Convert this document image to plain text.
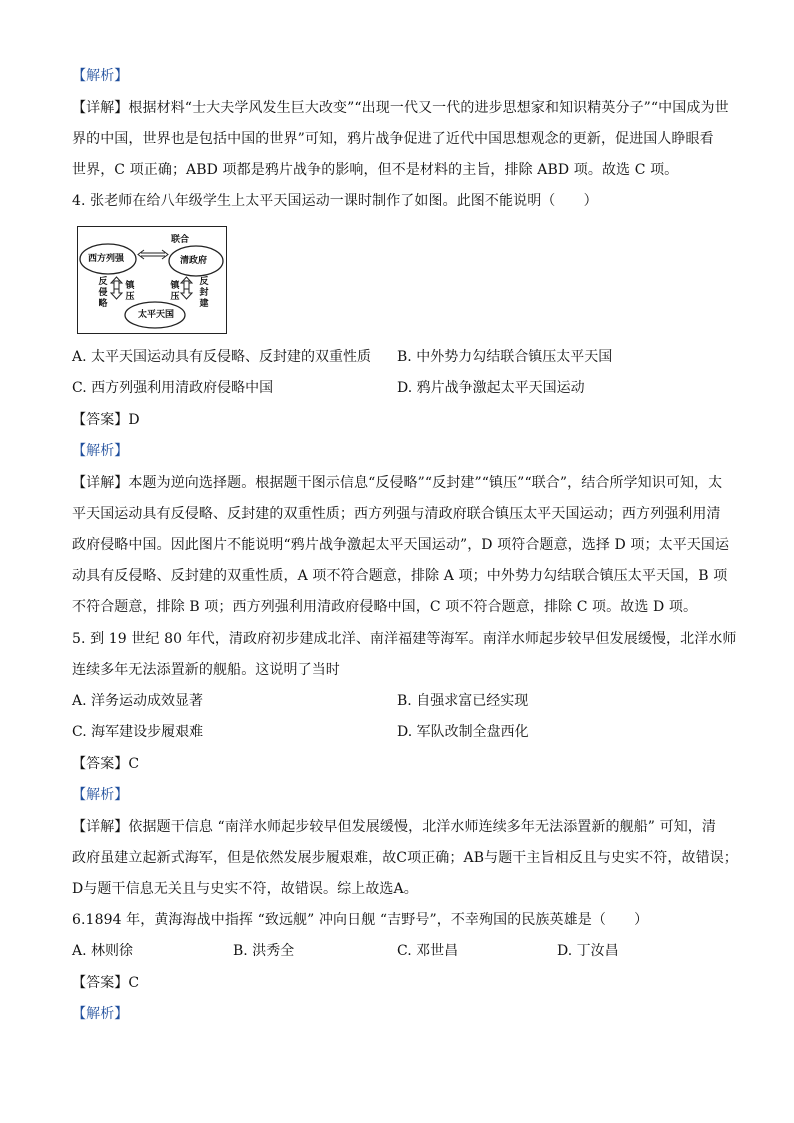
【解析】
【详解】根据材料“士大夫学风发生巨大改变”“出现一代又一代的进步思想家和知识精英分子”“中国成为世
界的中国，世界也是包括中国的世界”可知，鸦片战争促进了近代中国思想观念的更新，促进国人睁眼看
世界，C 项正确；ABD 项都是鸦片战争的影响，但不是材料的主旨，排除 ABD 项。故选 C 项。
4. 张老师在给八年级学生上太平天国运动一课时制作了如图。此图不能说明（　　）
联合
西方列强	清政府
反侵略
镇压
镇压
反封建
太平天国
A. 太平天国运动具有反侵略、反封建的双重性质 B. 中外势力勾结联合镇压太平天国
C. 西方列强利用清政府侵略中国	D. 鸦片战争激起太平天国运动
【答案】D
【解析】
【详解】本题为逆向选择题。根据题干图示信息“反侵略”“反封建”“镇压”“联合”，结合所学知识可知，太
平天国运动具有反侵略、反封建的双重性质；西方列强与清政府联合镇压太平天国运动；西方列强利用清
政府侵略中国。因此图片不能说明“鸦片战争激起太平天国运动”，D 项符合题意，选择 D 项；太平天国运
动具有反侵略、反封建的双重性质，A 项不符合题意，排除 A 项；中外势力勾结联合镇压太平天国，B 项
不符合题意，排除 B 项；西方列强利用清政府侵略中国，C 项不符合题意，排除 C 项。故选 D 项。
5. 到 19 世纪 80 年代，清政府初步建成北洋、南洋福建等海军。南洋水师起步较早但发展缓慢，北洋水师
连续多年无法添置新的舰船。这说明了当时
A. 洋务运动成效显著	B. 自强求富已经实现
C. 海军建设步履艰难	D. 军队改制全盘西化
【答案】C
【解析】
【详解】依据题干信息 “南洋水师起步较早但发展缓慢，北洋水师连续多年无法添置新的舰船” 可知，清
政府虽建立起新式海军，但是依然发展步履艰难，故C项正确；AB与题干主旨相反且与史实不符，故错误；
D与题干信息无关且与史实不符，故错误。综上故选A。
6.1894 年，黄海海战中指挥 “致远舰” 冲向日舰 “吉野号”，不幸殉国的民族英雄是（　　）
A. 林则徐	B. 洪秀全	C. 邓世昌	D. 丁汝昌
【答案】C
【解析】
